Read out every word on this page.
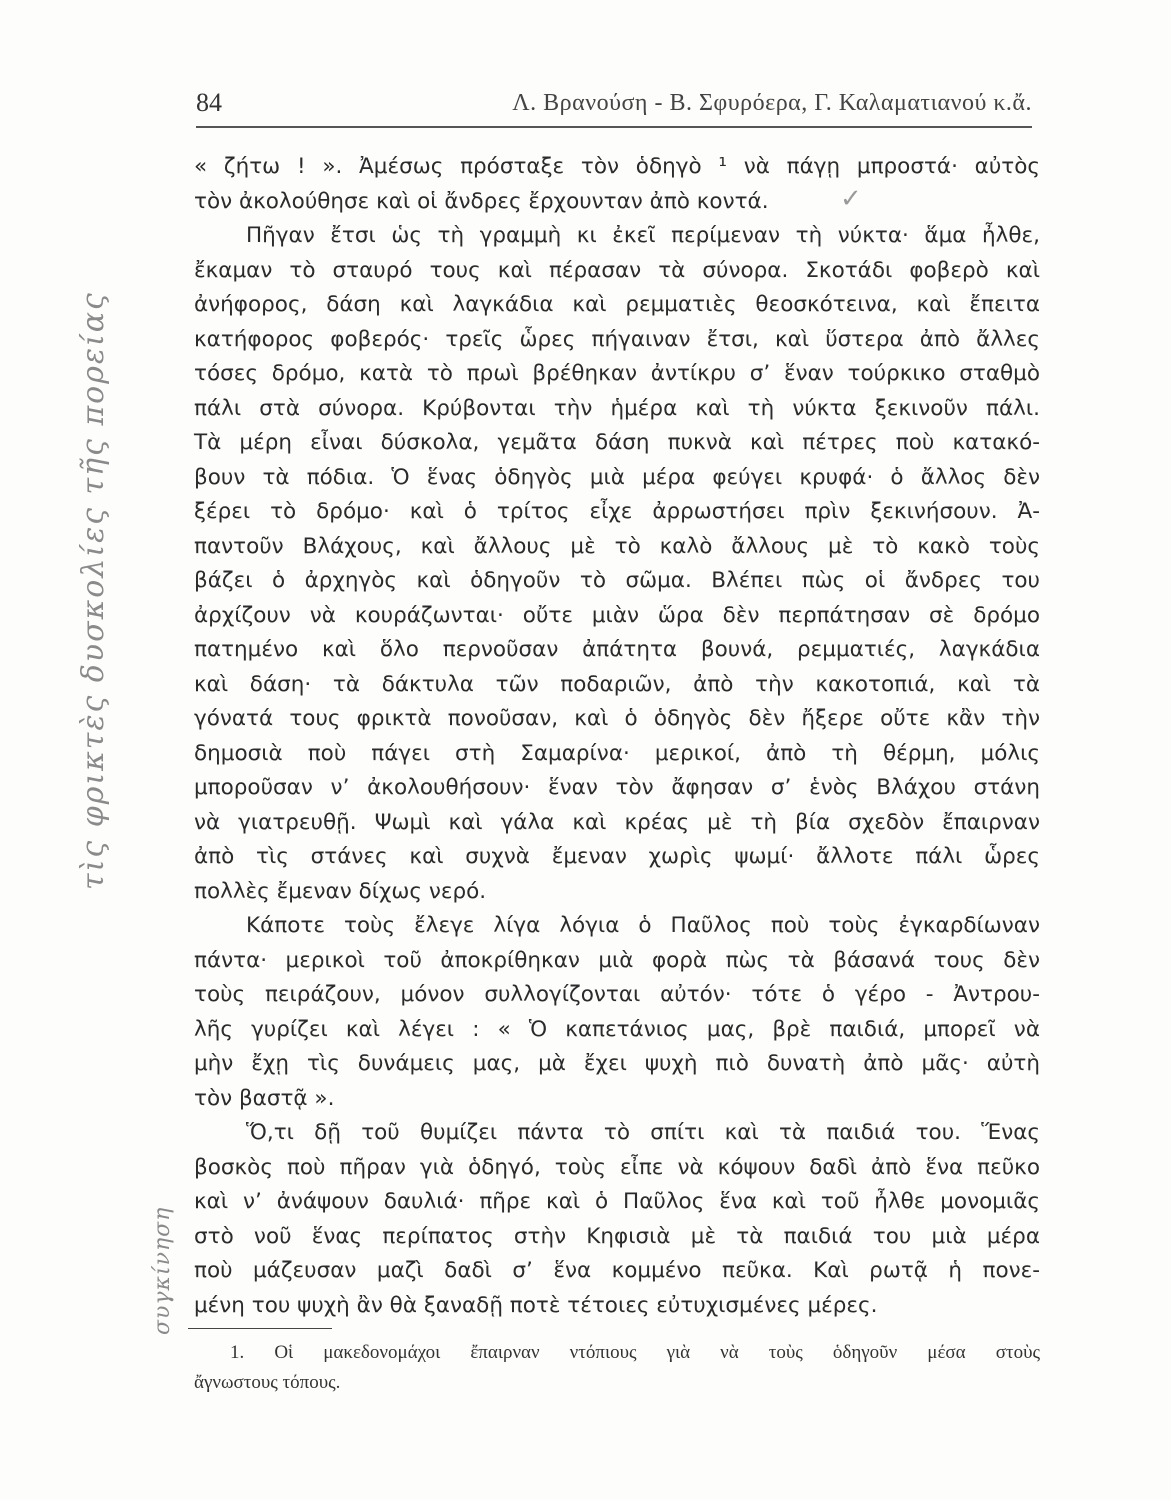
84	Λ. Βρανούση - Β. Σφυρόερα, Γ. Καλαματιανού κ.ἄ.
« ζήτω ! ». Ἀμέσως πρόσταξε τὸν ὁδηγὸ ¹ νὰ πάγῃ μπροστά· αὐτὸς
τὸν ἀκολούθησε καὶ οἱ ἄνδρες ἔρχουνταν ἀπὸ κοντά.
Πῆγαν ἔτσι ὡς τὴ γραμμὴ κι ἐκεῖ περίμεναν τὴ νύκτα· ἅμα ἦλθε,
ἔκαμαν τὸ σταυρό τους καὶ πέρασαν τὰ σύνορα. Σκοτάδι φοβερὸ καὶ
ἀνήφορος, δάση καὶ λαγκάδια καὶ ρεμματιὲς θεοσκότεινα, καὶ ἔπειτα
κατήφορος φοβερός· τρεῖς ὧρες πήγαιναν ἔτσι, καὶ ὕστερα ἀπὸ ἄλλες
τόσες δρόμο, κατὰ τὸ πρωὶ βρέθηκαν ἀντίκρυ σ’ ἕναν τούρκικο σταθμὸ
πάλι στὰ σύνορα. Κρύβονται τὴν ἡμέρα καὶ τὴ νύκτα ξεκινοῦν πάλι.
Τὰ μέρη εἶναι δύσκολα, γεμᾶτα δάση πυκνὰ καὶ πέτρες ποὺ κατακό-
βουν τὰ πόδια. Ὁ ἕνας ὁδηγὸς μιὰ μέρα φεύγει κρυφά· ὁ ἄλλος δὲν
ξέρει τὸ δρόμο· καὶ ὁ τρίτος εἶχε ἀρρωστήσει πρὶν ξεκινήσουν. Ἀ-
παντοῦν Βλάχους, καὶ ἄλλους μὲ τὸ καλὸ ἄλλους μὲ τὸ κακὸ τοὺς
βάζει ὁ ἀρχηγὸς καὶ ὁδηγοῦν τὸ σῶμα. Βλέπει πὼς οἱ ἄνδρες του
ἀρχίζουν νὰ κουράζωνται· οὔτε μιὰν ὥρα δὲν περπάτησαν σὲ δρόμο
πατημένο καὶ ὅλο περνοῦσαν ἀπάτητα βουνά, ρεμματιές, λαγκάδια
καὶ δάση· τὰ δάκτυλα τῶν ποδαριῶν, ἀπὸ τὴν κακοτοπιά, καὶ τὰ
γόνατά τους φρικτὰ πονοῦσαν, καὶ ὁ ὁδηγὸς δὲν ἤξερε οὔτε κἂν τὴν
δημοσιὰ ποὺ πάγει στὴ Σαμαρίνα· μερικοί, ἀπὸ τὴ θέρμη, μόλις
μποροῦσαν ν’ ἀκολουθήσουν· ἕναν τὸν ἄφησαν σ’ ἑνὸς Βλάχου στάνη
νὰ γιατρευθῇ. Ψωμὶ καὶ γάλα καὶ κρέας μὲ τὴ βία σχεδὸν ἔπαιρναν
ἀπὸ τὶς στάνες καὶ συχνὰ ἔμεναν χωρὶς ψωμί· ἄλλοτε πάλι ὧρες
πολλὲς ἔμεναν δίχως νερό.
Κάποτε τοὺς ἔλεγε λίγα λόγια ὁ Παῦλος ποὺ τοὺς ἐγκαρδίωναν
πάντα· μερικοὶ τοῦ ἀποκρίθηκαν μιὰ φορὰ πὼς τὰ βάσανά τους δὲν
τοὺς πειράζουν, μόνον συλλογίζονται αὐτόν· τότε ὁ γέρο - Ἀντρου-
λῆς γυρίζει καὶ λέγει : « Ὁ καπετάνιος μας, βρὲ παιδιά, μπορεῖ νὰ
μὴν ἔχῃ τὶς δυνάμεις μας, μὰ ἔχει ψυχὴ πιὸ δυνατὴ ἀπὸ μᾶς· αὐτὴ
τὸν βαστᾷ ».
Ὅ,τι δῇ τοῦ θυμίζει πάντα τὸ σπίτι καὶ τὰ παιδιά του. Ἕνας
βοσκὸς ποὺ πῆραν γιὰ ὁδηγό, τοὺς εἶπε νὰ κόψουν δαδὶ ἀπὸ ἕνα πεῦκο
καὶ ν’ ἀνάψουν δαυλιά· πῆρε καὶ ὁ Παῦλος ἕνα καὶ τοῦ ἦλθε μονομιᾶς
στὸ νοῦ ἕνας περίπατος στὴν Κηφισιὰ μὲ τὰ παιδιά του μιὰ μέρα
ποὺ μάζευσαν μαζὶ δαδὶ σ’ ἕνα κομμένο πεῦκα. Καὶ ρωτᾷ ἡ πονε-
μένη του ψυχὴ ἂν θὰ ξαναδῇ ποτὲ τέτοιες εὐτυχισμένες μέρες.
1. Οἱ μακεδονομάχοι ἔπαιρναν ντόπιους γιὰ νὰ τοὺς ὁδηγοῦν μέσα στοὺς
ἄγνωστους τόπους.
τὶς φρικτὲς δυσκολίες τῆς πορείας
συγκίνηση
✓
